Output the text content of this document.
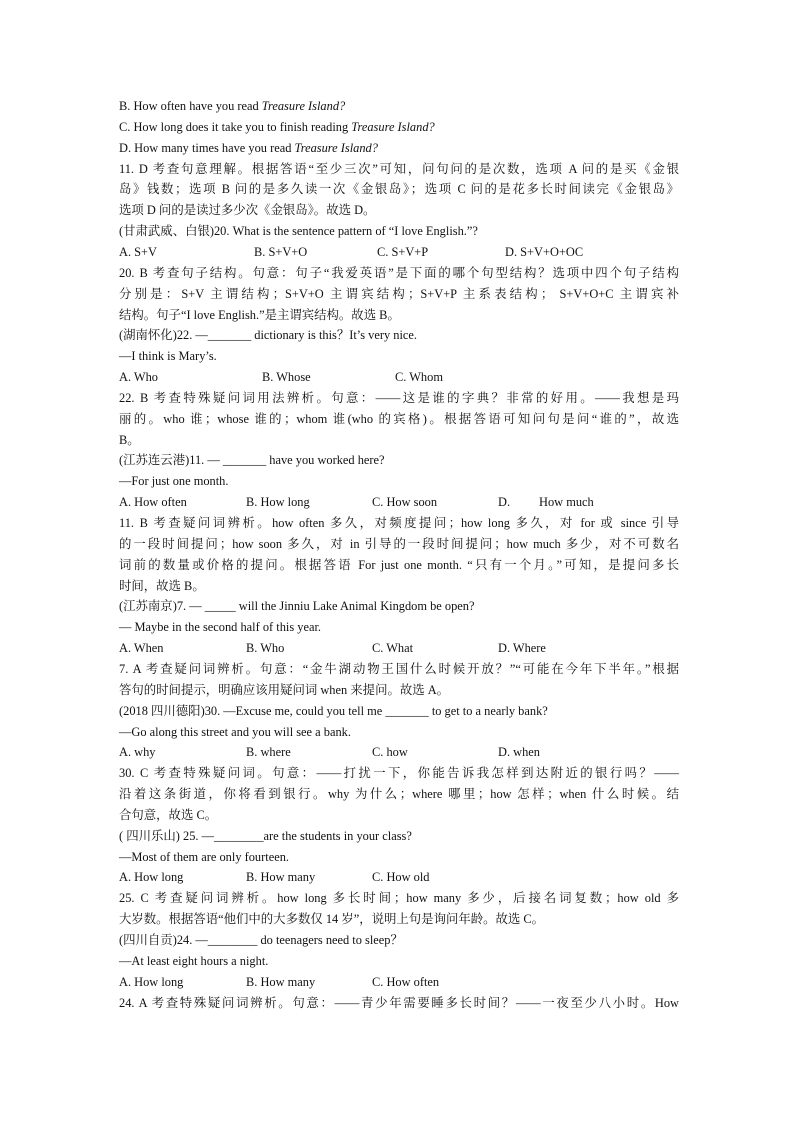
B. How often have you read Treasure Island?
C. How long does it take you to finish reading Treasure Island?
D. How many times have you read Treasure Island?
11. D 考查句意理解。根据答语“至少三次”可知，问句问的是次数，选项 A 问的是买《金银
岛》钱数；选项 B 问的是多久读一次《金银岛》；选项 C 问的是花多长时间读完《金银岛》
选项 D 问的是读过多少次《金银岛》。故选 D。
(甘肃武威、白银)20. What is the sentence pattern of “I love English.”?
A. S+V	B. S+V+O	C. S+V+P	D. S+V+O+OC
20. B 考查句子结构。句意：句子“我爱英语”是下面的哪个句型结构？选项中四个句子结构
分别是：S+V 主谓结构；S+V+O 主谓宾结构；S+V+P 主系表结构； S+V+O+C 主谓宾补
结构。句子“I love English.”是主谓宾结构。故选 B。
(湖南怀化)22. —_______ dictionary is this？It’s very nice.
—I think is Mary’s.
A. Who	B. Whose	C. Whom
22. B 考查特殊疑问词用法辨析。句意：——这是谁的字典？非常的好用。——我想是玛
丽的。who 谁；whose 谁的；whom 谁(who 的宾格)。根据答语可知问句是问“谁的”，故选
B。
(江苏连云港)11. — _______ have you worked here?
—For just one month.
A. How often	B. How long	C. How soon	D. How much
11. B 考查疑问词辨析。how often 多久，对频度提问；how long 多久，对 for 或 since 引导
的一段时间提问；how soon 多久，对 in 引导的一段时间提问；how much 多少，对不可数名
词前的数量或价格的提问。根据答语 For just one month. “只有一个月。”可知，是提问多长
时间，故选 B。
(江苏南京)7. — _____ will the Jinniu Lake Animal Kingdom be open?
— Maybe in the second half of this year.
A. When	B. Who	C. What	D. Where
7. A 考查疑问词辨析。句意：“金牛湖动物王国什么时候开放？”“可能在今年下半年。”根据
答句的时间提示，明确应该用疑问词 when 来提问。故选 A。
(2018 四川德阳)30. —Excuse me, could you tell me _______ to get to a nearly bank?
—Go along this street and you will see a bank.
A. why	B. where	C. how	D. when
30. C 考查特殊疑问词。句意：——打扰一下，你能告诉我怎样到达附近的银行吗？——
沿着这条街道，你将看到银行。why 为什么；where 哪里；how 怎样；when 什么时候。结
合句意，故选 C。
( 四川乐山) 25. —________are the students in your class?
—Most of them are only fourteen.
A. How long	B. How many	C. How old
25. C 考查疑问词辨析。how long 多长时间；how many 多少，后接名词复数；how old 多
大岁数。根据答语“他们中的大多数仅 14 岁”，说明上句是询问年龄。故选 C。
(四川自贡)24. —________ do teenagers need to sleep？
—At least eight hours a night.
A. How long	B. How many	C. How often
24. A 考查特殊疑问词辨析。句意：——青少年需要睡多长时间？——一夜至少八小时。How
